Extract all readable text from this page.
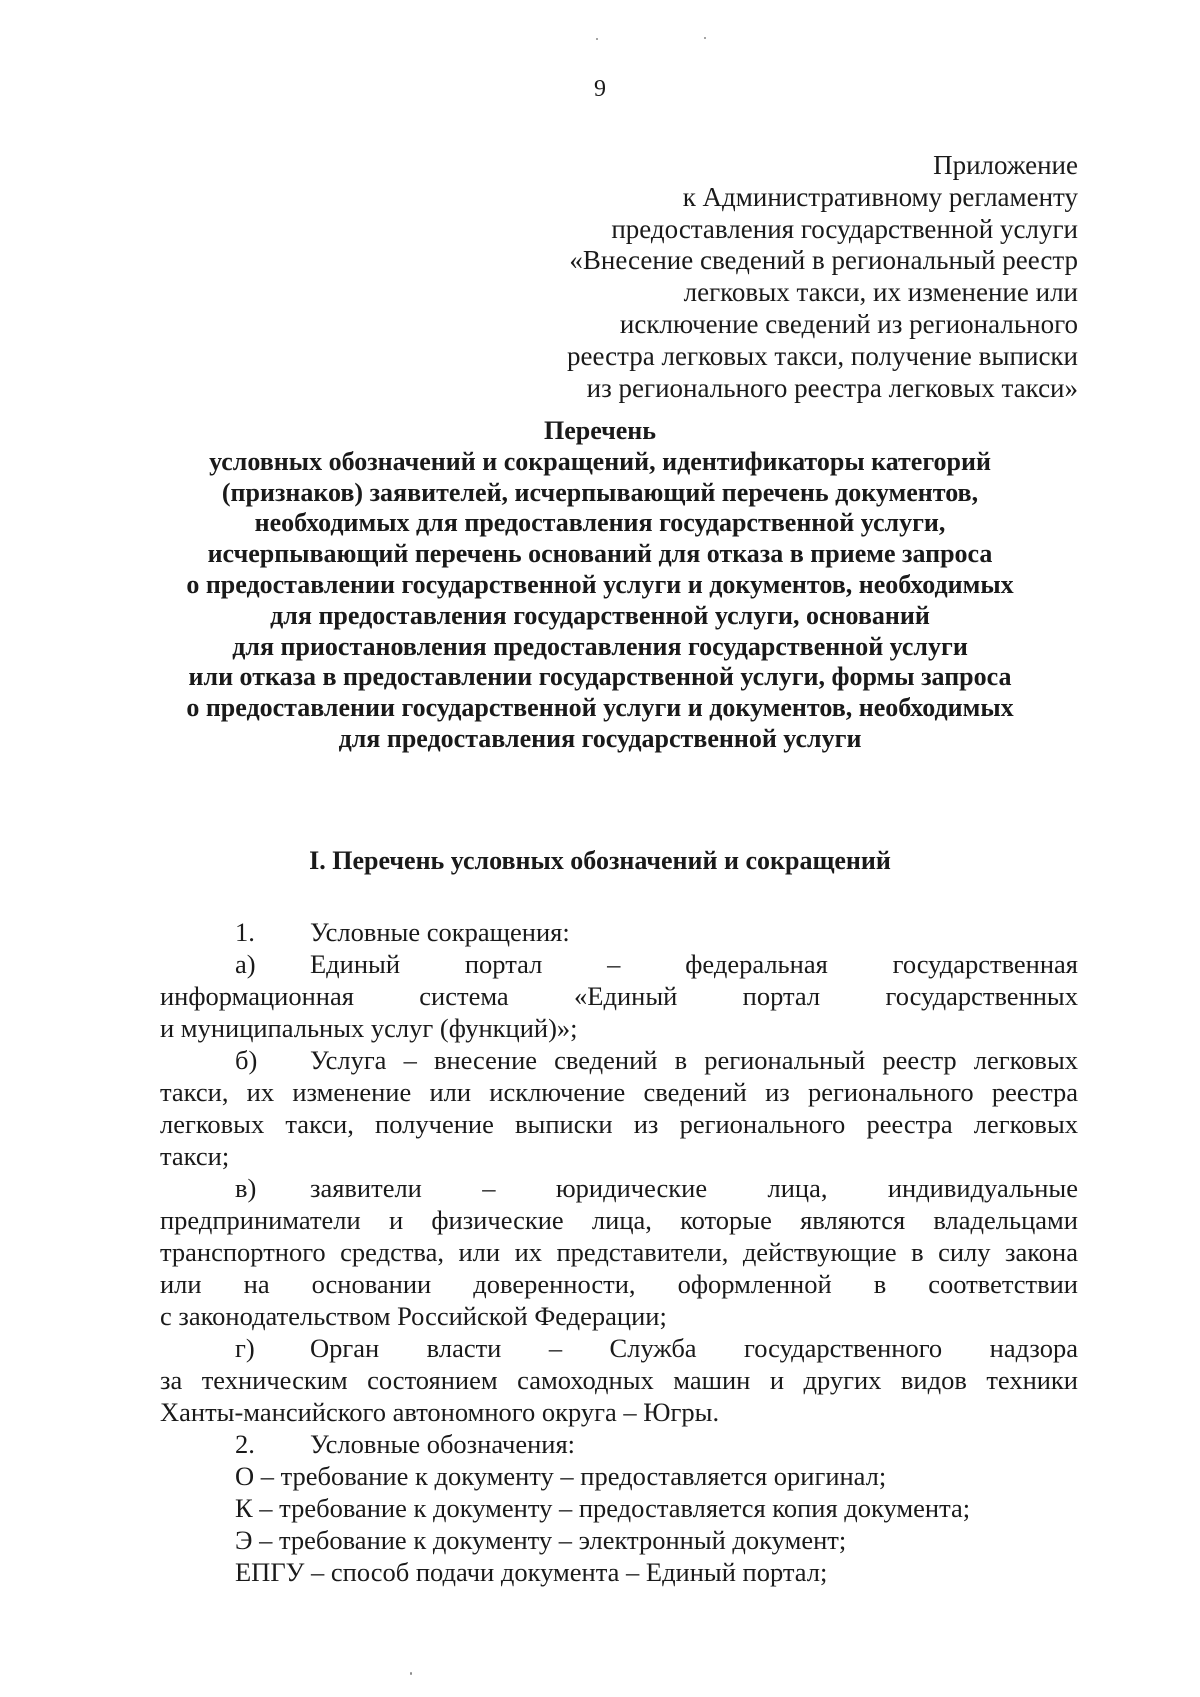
9
Приложение
к Административному регламенту
предоставления государственной услуги
«Внесение сведений в региональный реестр
легковых такси, их изменение или
исключение сведений из регионального
реестра легковых такси, получение выписки
из регионального реестра легковых такси»
Перечень
условных обозначений и сокращений, идентификаторы категорий
(признаков) заявителей, исчерпывающий перечень документов,
необходимых для предоставления государственной услуги,
исчерпывающий перечень оснований для отказа в приеме запроса
о предоставлении государственной услуги и документов, необходимых
для предоставления государственной услуги, оснований
для приостановления предоставления государственной услуги
или отказа в предоставлении государственной услуги, формы запроса
о предоставлении государственной услуги и документов, необходимых
для предоставления государственной услуги
I. Перечень условных обозначений и сокращений
1. Условные сокращения:
а) Единый портал – федеральная государственная
информационная система «Единый портал государственных
и муниципальных услуг (функций)»;
б) Услуга – внесение сведений в региональный реестр легковых
такси, их изменение или исключение сведений из регионального реестра
легковых такси, получение выписки из регионального реестра легковых
такси;
в) заявители – юридические лица, индивидуальные
предприниматели и физические лица, которые являются владельцами
транспортного средства, или их представители, действующие в силу закона
или на основании доверенности, оформленной в соответствии
с законодательством Российской Федерации;
г) Орган власти – Служба государственного надзора
за техническим состоянием самоходных машин и других видов техники
Ханты-мансийского автономного округа – Югры.
2. Условные обозначения:
О – требование к документу – предоставляется оригинал;
К – требование к документу – предоставляется копия документа;
Э – требование к документу – электронный документ;
ЕПГУ – способ подачи документа – Единый портал;
